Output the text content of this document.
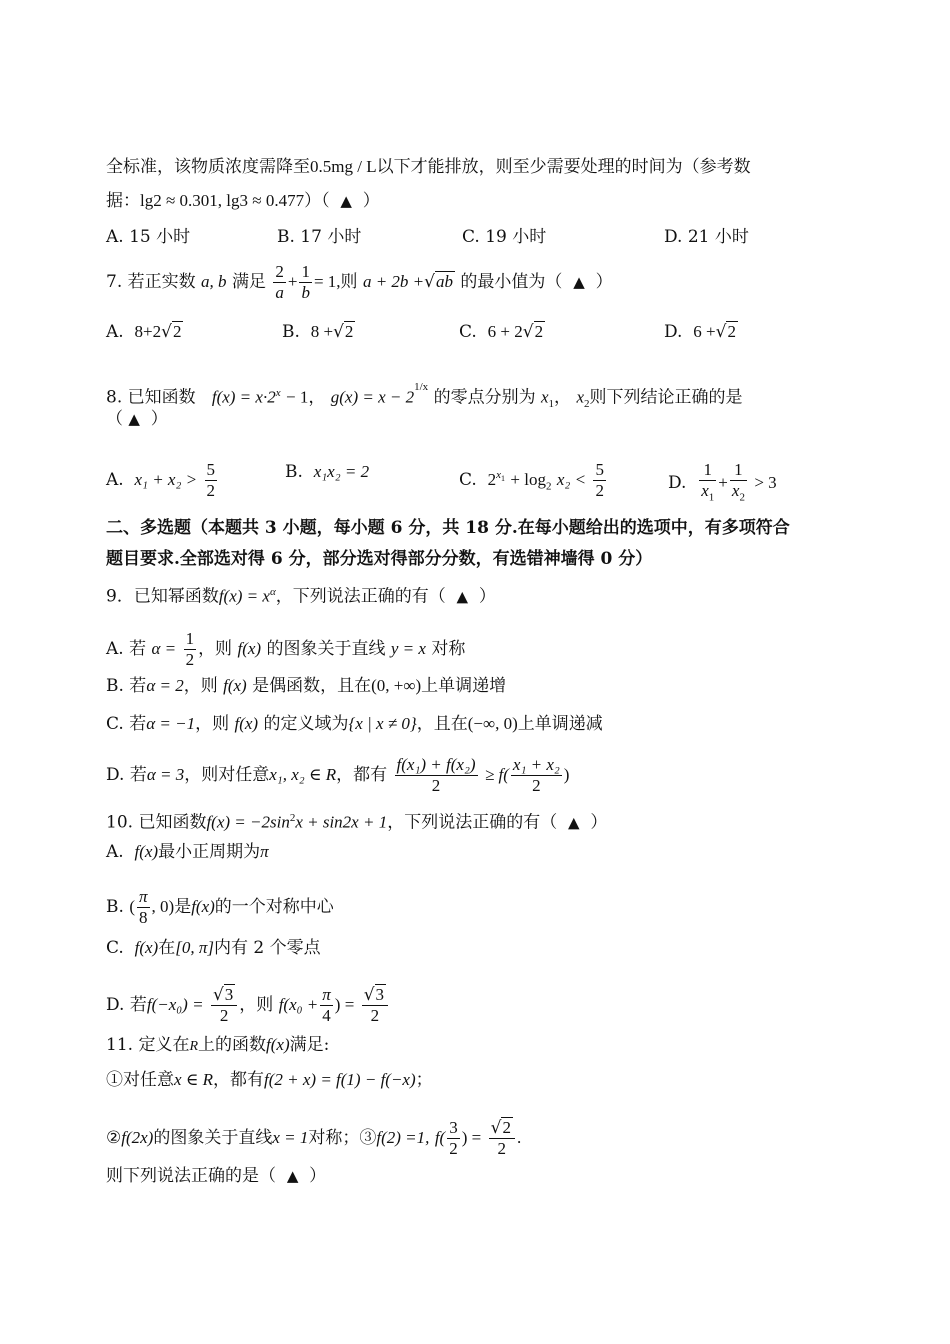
全标准，该物质浓度需降至0.5mg / L以下才能排放，则至少需要处理的时间为（参考数
据：lg2 ≈ 0.301, lg3 ≈ 0.477）（ ▲ ）
A. 15 小时	B. 17 小时	C. 19 小时	D. 21 小时
7. 若正实数 a, b 满足 $\frac{2}{a} + \frac{1}{b} = 1$,则 a + 2b +√ab 的最小值为（ ▲ ）
A. 8+2√2	B. 8 +√2	C. 6 + 2√2	D. 6 +√2
8. 已知函数 $f(x) = x\cdot 2^x - 1$， $g(x) = x - 2^{1/x}$ 的零点分别为 $x_1$， $x_2$则下列结论正确的是
（ ▲ ）
A. $x_1 + x_2 > \frac{5}{2}$	B. x₁x₂ = 2	C. $2^{x_1} + \log_2 x_2 < \frac{5}{2}$	D. $\frac{1}{x_1} + \frac{1}{x_2} > 3$
二、多选题（本题共 3 小题，每小题 6 分，共 18 分.在每小题给出的选项中，有多项符合
题目要求.全部选对得 6 分，部分选对得部分分数，有选错神墙得 0 分）
9．已知幂函数$f(x) = x^\alpha$，下列说法正确的有（ ▲ ）
A. 若 $\alpha = \frac{1}{2}$ ，则 f(x) 的图象关于直线 y = x 对称
B. 若α = 2，则 f(x) 是偶函数，且在(0, +∞)上单调递增
C. 若α = −1，则 f(x) 的定义域为{x | x ≠ 0}，且在(−∞, 0)上单调递减
D. 若α = 3，则对任意x₁, x₂ ∈ R，都有 $\frac{\text{f(x₁) + f(x₂)}}{2} \ge f( \frac{\text{x₁ + x₂}}{2}$ )
10. 已知函数$f(x) = -2\sin^2x + \sin 2x + 1$，下列说法正确的有（ ▲ ）
A. f(x)最小正周期为π
B. ( $\frac{\pi}{8}$ , 0)是f(x)的一个对称中心
C. f(x)在[0, π]内有 2 个零点
D. 若$f(-x_0) = \frac{√3}{2}$ ，则 $f(x_0 + \frac{\pi}{4}$ ) = $\frac{√3}{2}$
11. 定义在R上的函数f(x)满足:
①对任意x ∈ R，都有f(2 + x) = f(1) − f(−x)；
②f(2x)的图象关于直线x = 1对称；③f(2) =1, $f( \frac{3}{2}$ ) = $\frac{√2}{2}$ .
则下列说法正确的是（ ▲ ）
